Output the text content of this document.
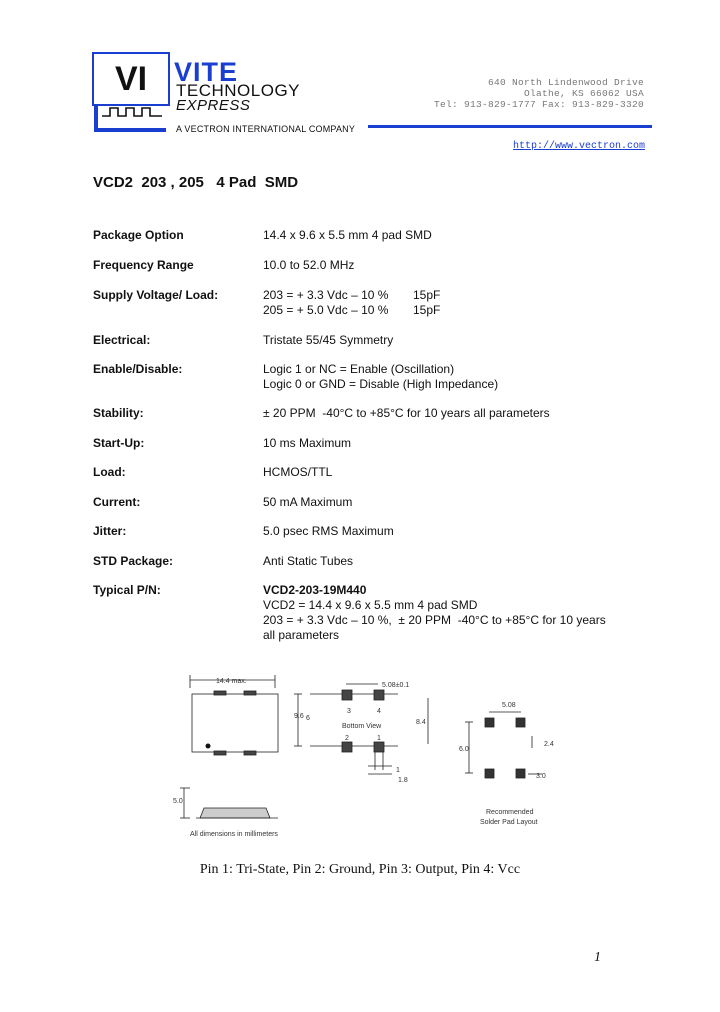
VI VITE
TECHNOLOGY
EXPRESS
A VECTRON INTERNATIONAL COMPANY
640 North Lindenwood Drive
Olathe, KS 66062 USA
Tel: 913-829-1777 Fax: 913-829-3320
http://www.vectron.com
VCD2  203 , 205   4 Pad  SMD
Package Option	14.4 x 9.6 x 5.5 mm 4 pad SMD
Frequency Range	10.0 to 52.0 MHz
Supply Voltage/ Load:	203 = + 3.3 Vdc – 10 % 15pF
205 = + 5.0 Vdc – 10 % 15pF
Electrical:	Tristate 55/45 Symmetry
Enable/Disable:	Logic 1 or NC = Enable (Oscillation)
Logic 0 or GND = Disable (High Impedance)
Stability:	± 20 PPM  -40°C to +85°C for 10 years all parameters
Start-Up:	10 ms Maximum
Load:	HCMOS/TTL
Current:	50 mA Maximum
Jitter:	5.0 psec RMS Maximum
STD Package:	Anti Static Tubes
Typical P/N:	VCD2-203-19M440
VCD2 = 14.4 x 9.6 x 5.5 mm 4 pad SMD
203 = + 3.3 Vdc – 10 %,  ± 20 PPM  -40°C to +85°C for 10 years
all parameters
14.4 max.
5.0
All dimensions in millimeters
5.08±0.1
9.6 6
8.4
3	4
Bottom View
2	1
1
1.8
5.08
6.0
2.4
3.0
Recommended
Solder Pad Layout
Pin 1: Tri-State, Pin 2: Ground, Pin 3: Output, Pin 4: Vcc
1
